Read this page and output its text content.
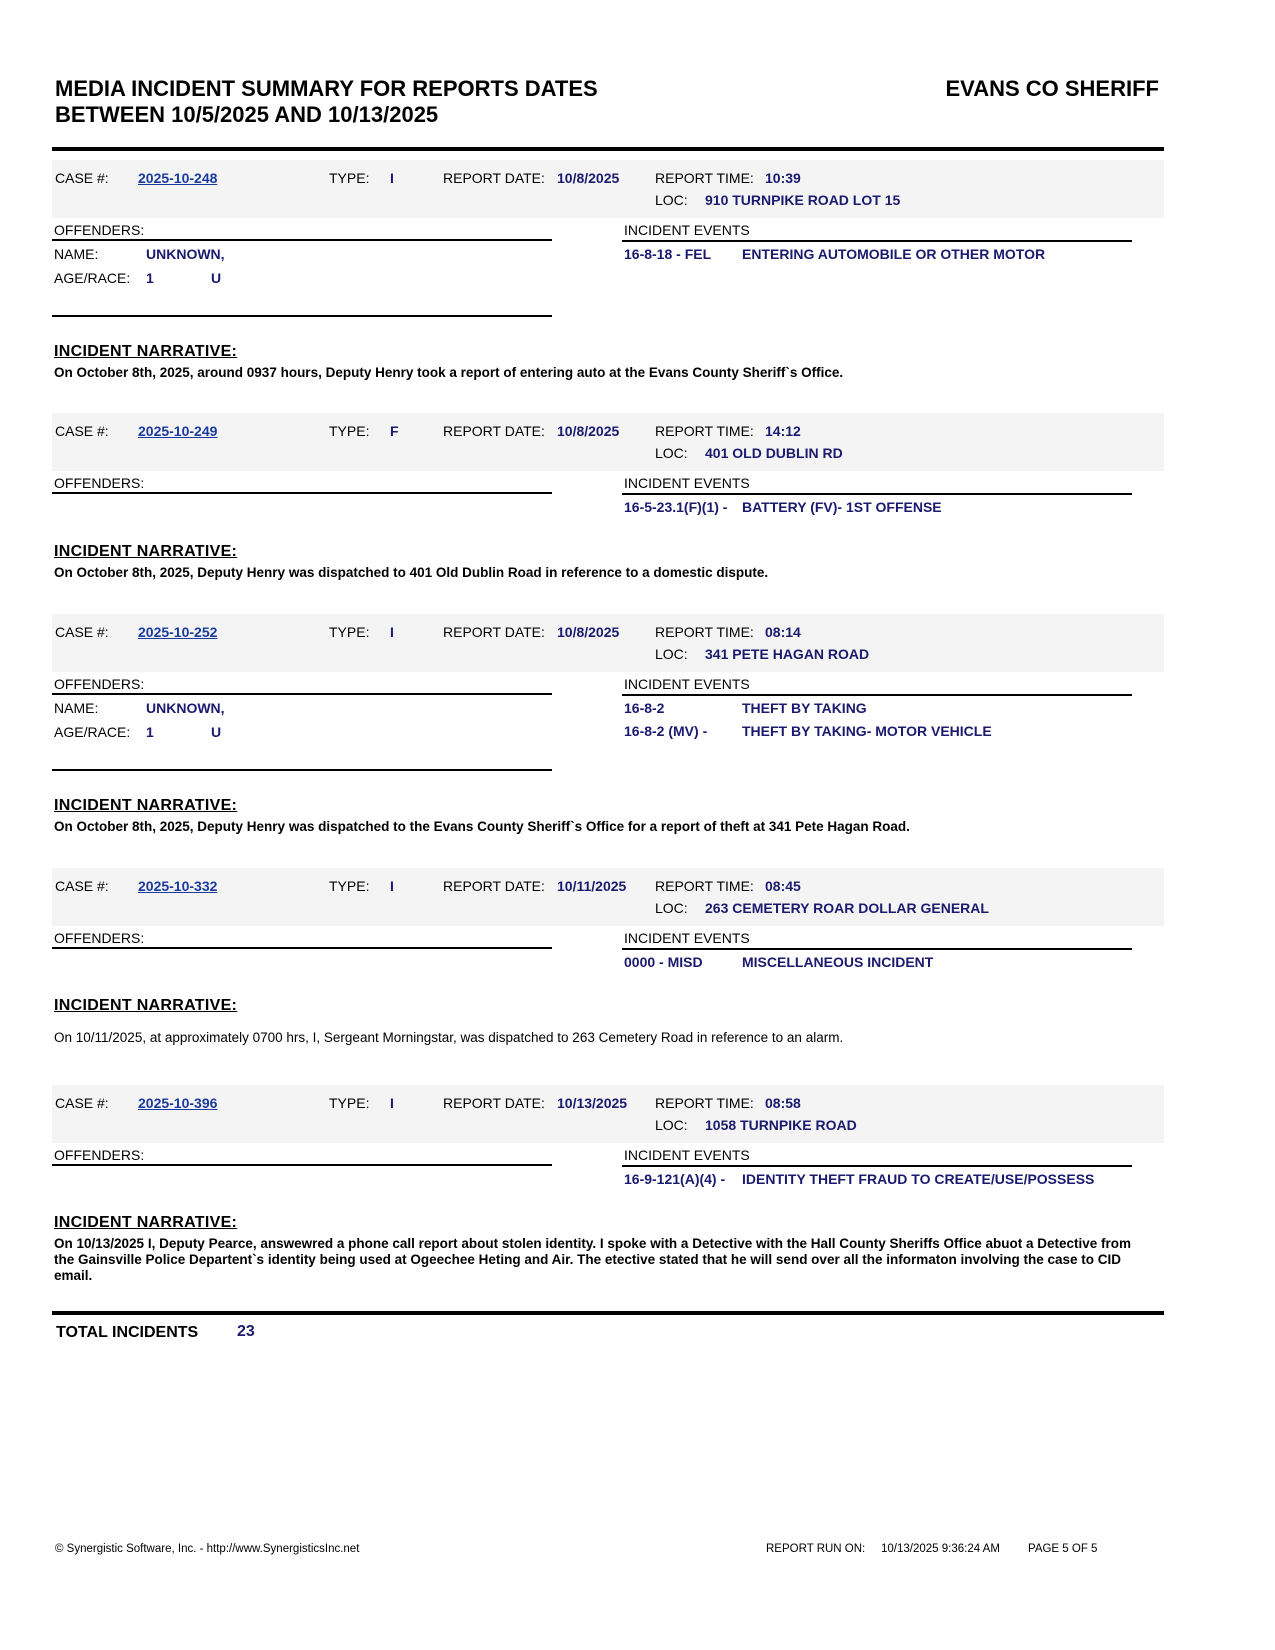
MEDIA INCIDENT SUMMARY FOR REPORTS DATES
BETWEEN 10/5/2025 AND 10/13/2025
EVANS CO SHERIFF
CASE #: 2025-10-248	TYPE: I	REPORT DATE: 10/8/2025	REPORT TIME: 10:39
LOC: 910 TURNPIKE ROAD LOT 15
OFFENDERS:
NAME:	UNKNOWN,
AGE/RACE: 1	U
INCIDENT EVENTS
16-8-18 - FEL ENTERING AUTOMOBILE OR OTHER MOTOR
INCIDENT NARRATIVE:
On October 8th, 2025, around 0937 hours, Deputy Henry took a report of entering auto at the Evans County Sheriff`s Office.
CASE #: 2025-10-249	TYPE: F	REPORT DATE: 10/8/2025	REPORT TIME: 14:12
LOC: 401 OLD DUBLIN RD
OFFENDERS:	INCIDENT EVENTS
16-5-23.1(F)(1) - BATTERY (FV)- 1ST OFFENSE
INCIDENT NARRATIVE:
On October 8th, 2025, Deputy Henry was dispatched to 401 Old Dublin Road in reference to a domestic dispute.
CASE #: 2025-10-252	TYPE: I	REPORT DATE: 10/8/2025	REPORT TIME: 08:14
LOC: 341 PETE HAGAN ROAD
OFFENDERS:
NAME:	UNKNOWN,
AGE/RACE: 1	U
INCIDENT EVENTS
16-8-2	THEFT BY TAKING
16-8-2 (MV) - THEFT BY TAKING- MOTOR VEHICLE
INCIDENT NARRATIVE:
On October 8th, 2025, Deputy Henry was dispatched to the Evans County Sheriff`s Office for a report of theft at 341 Pete Hagan Road.
CASE #: 2025-10-332	TYPE: I	REPORT DATE: 10/11/2025 REPORT TIME: 08:45
LOC: 263 CEMETERY ROAR DOLLAR GENERAL
OFFENDERS:	INCIDENT EVENTS
0000 - MISD	MISCELLANEOUS INCIDENT
INCIDENT NARRATIVE:
On 10/11/2025, at approximately 0700 hrs, I, Sergeant Morningstar, was dispatched to 263 Cemetery Road in reference to an alarm.
CASE #: 2025-10-396	TYPE: I	REPORT DATE: 10/13/2025 REPORT TIME: 08:58
LOC: 1058 TURNPIKE ROAD
OFFENDERS:	INCIDENT EVENTS
16-9-121(A)(4) - IDENTITY THEFT FRAUD TO CREATE/USE/POSSESS
INCIDENT NARRATIVE:
On 10/13/2025 I, Deputy Pearce, answewred a phone call report about stolen identity. I spoke with a Detective with the Hall County Sheriffs Office abuot a Detective from the Gainsville Police Departent`s identity being used at Ogeechee Heting and Air. The etective stated that he will send over all the informaton involving the case to CID email.
TOTAL INCIDENTS 23
© Synergistic Software, Inc. - http://www.SynergisticsInc.net	REPORT RUN ON: 10/13/2025 9:36:24 AM PAGE 5 OF 5
